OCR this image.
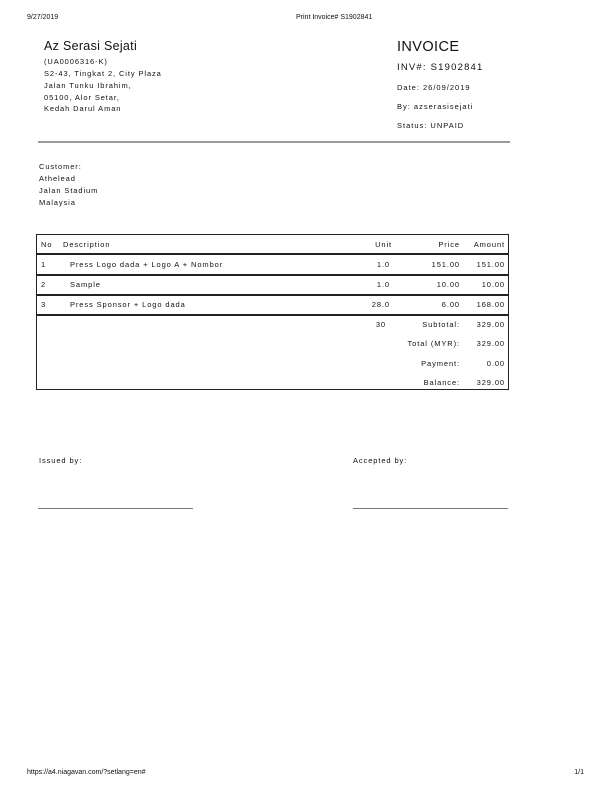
9/27/2019	Print Invoice# S1902841
Az Serasi Sejati
(UA0006316-K)
S2-43, Tingkat 2, City Plaza
Jalan Tunku Ibrahim,
05100, Alor Setar,
Kedah Darul Aman
INVOICE
INV#: S1902841
Date: 26/09/2019
By: azserasisejati
Status: UNPAID
Customer:
Athelead
Jalan Stadium
Malaysia
No Description	Unit	Price Amount
1	Press Logo dada + Logo A + Nombor	1.0	151.00 151.00
2	Sample	1.0	10.00	10.00
3	Press Sponsor + Logo dada	28.0	6.00 168.00
30	Subtotal: 329.00
Total (MYR): 329.00
Payment:	0.00
Balance: 329.00
Issued by:	Accepted by:
https://a4.niagavan.com/?setlang=en#	1/1
